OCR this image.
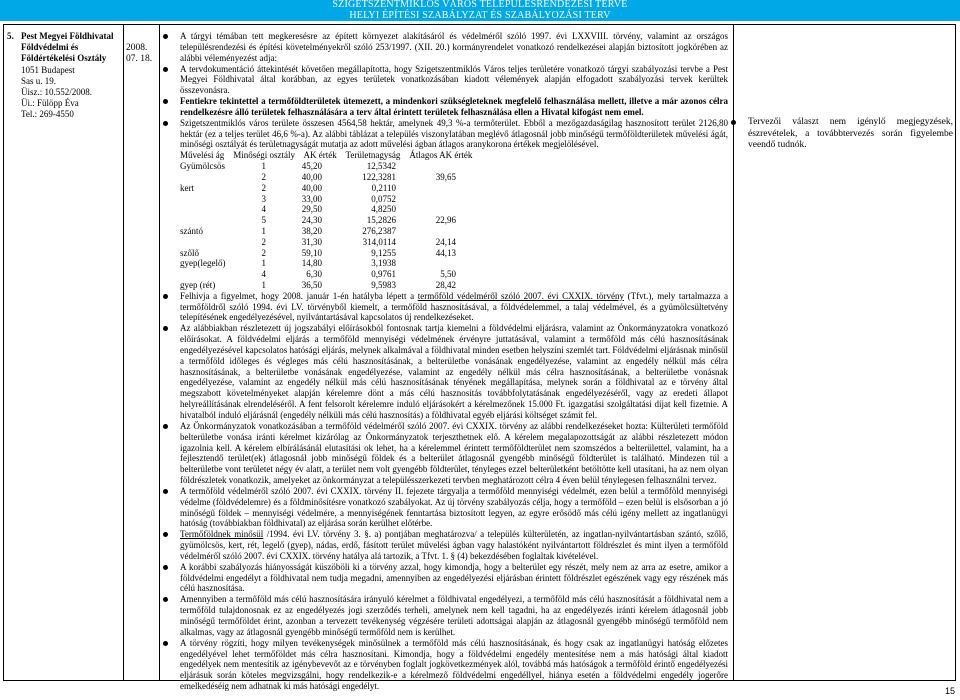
SZIGETSZENTMIKLÓS VÁROS TELEPÜLÉSRENDEZÉSI TERVE
HELYI ÉPÍTÉSI SZABÁLYZAT ÉS SZABÁLYOZÁSI TERV
5. Pest Megyei Földhivatal
Földvédelmi és
Földértékelési Osztály
1051 Budapest
Sas u. 19.
Üisz.: 10.552/2008.
Üi.: Fülöpp Éva
Tel.: 269-4550
2008.
07. 18.
A tárgyi témában tett megkeresésre az épített környezet alakításáról és védelméről szóló 1997. évi LXXVIII. törvény, valamint az országos településrendezési és építési követelményekről szóló 253/1997. (XII. 20.) kormányrendelet vonatkozó rendelkezései alapján biztosított jogkörében az alábbi véleményezést adja:
A tervdokumentáció áttekintését követően megállapította, hogy Szigetszentmiklós Város teljes területére vonatkozó tárgyi szabályozási tervbe a Pest Megyei Földhivatal által korábban, az egyes területek vonatkozásában kiadott vélemények alapján elfogadott szabályozási tervek kerültek összevonásra.
Fentiekre tekintettel a termőföldterületek ütemezett, a mindenkori szükségleteknek megfelelő felhasználása mellett, illetve a már azonos célra rendelkezésre álló területek felhasználására a terv által érintett területek felhasználása ellen a Hivatal kifogást nem emel.
Szigetszentmiklós város területe összesen 4564,58 hektár, amelynek 49,3 %-a termőterület. Ebből a mezőgazdaságilag hasznosított terület 2126,80 hektár (ez a teljes terület 46,6 %-a). Az alábbi táblázat a település viszonylatában meglévő átlagosnál jobb minőségű termőföldterületek művelési ágát, minőségi osztályát és területnagyságát mutatja az adott művelési ágban átlagos aranykorona értékek megjelölésével.
Művelési ág    Minőségi osztály    AK érték    Területnagyság    Átlagos AK érték
Gyümölcsös	1	45,20	12,5342	
	2	40,00	122,3281	39,65
kert	2	40,00	0,2110	
	3	33,00	0,0752	
	4	29,50	4,8250	
	5	24,30	15,2826	22,96
szántó	1	38,20	276,2387	
	2	31,30	314,0114	24,14
szőlő	2	59,10	9,1255	44,13
gyep(legelő)	1	14,80	3,1938	
	4	6,30	0,9761	5,50
gyep (rét)	1	36,50	9,5983	28,42
Felhívja a figyelmet, hogy 2008. január 1-én hatályba lépett a termőföld védelméről szóló 2007. évi CXXIX. törvény (Tfvt.), mely tartalmazza a termőföldről szóló 1994. évi LV. törvényből kiemelt, a termőföld hasznosításával, a földvédelemmel, a talaj védelmével, és a gyümölcsültetvény telepítésének engedélyezésével, nyilvántartásával kapcsolatos új rendelkezéseket.
Az alábbiakban részletezett új jogszabályi előírásokból fontosnak tartja kiemelni a földvédelmi eljárásra, valamint az Önkormányzatokra vonatkozó előírásokat. A földvédelmi eljárás a termőföld mennyiségi védelmének érvényre juttatásával, valamint a termőföld más célú hasznosításának engedélyezésével kapcsolatos hatósági eljárás, melynek alkalmával a földhivatal minden esetben helyszíni szemlét tart. Földvédelmi eljárásnak minősül a termőföld időleges és végleges más célú hasznosításának, a belterületbe vonásának engedélyezése, valamint az engedély nélkül más célra hasznosításának, a belterületbe vonásának engedélyezése, valamint az engedély nélkül más célra hasznosításának, a belterületbe vonásnak engedélyezése, valamint az engedély nélkül más célú hasznosításának tényének megállapítása, melynek során a földhivatal az e törvény által megszabott követelményeket alapján kérelemre dönt a más célú hasznosítás továbbfolytatásának engedélyezéséről, vagy az eredeti állapot helyreállításának elrendeléséről. A fent felsorolt kérelemre induló eljárásokért a kérelmezőnek 15.000 Ft. igazgatási szolgáltatási díjat kell fizetnie. A hivatalból induló eljárásnál (engedély nélküli más célú hasznosítás) a földhivatal egyéb eljárási költséget számít fel.
Az Önkormányzatok vonatkozásában a termőföld védelméről szóló 2007. évi CXXIX. törvény az alábbi rendelkezéseket hozta: Külterületi termőföld belterületbe vonása iránti kérelmet kizárólag az Önkormányzatok terjeszthetnek elő. A kérelem megalapozottságát az alábbi részletezett módon igazolnia kell. A kérelem elbírálásánál elutasítási ok lehet, ha a kérelemmel érintett termőföldterület nem szomszédos a belterülettel, valamint, ha a fejlesztendő terület(ek) átlagosnál jobb minőségű földek és a belterület átlagosnál gyengébb minőségű földterület is található. Mindezen túl a belterületbe vont területet négy év alatt, a terület nem volt gyengébb földterület, tényleges ezzel belterületként betöltötte kell utasítani, ha az nem olyan földrészletek vonatkozik, amelyeket az önkormányzat a településszerkezeti tervben meghatározott célra 4 éven belül ténylegesen felhasználni tervez.
A termőföld védelméről szóló 2007. évi CXXIX. törvény II. fejezete tárgyalja a termőföld mennyiségi védelmét, ezen belül a termőföld mennyiségi védelme (földvédelemre) és a földminősítésre vonatkozó szabályokat. Az új törvény szabályozás célja, hogy a termőföld – ezen belül is elsősorban a jó minőségű földek – mennyiségi védelmére, a mennyiségének fenntartása biztosított legyen, az egyre erősödő más célú igény mellett az ingatlanügyi hatóság (továbbiakban földhivatal) az eljárása során kerülhet előtérbe.
Termőföldnek minősül /1994. évi LV. törvény 3. §. a) pontjában meghatározva/ a település külterületén, az ingatlan-nyilvántartásban szántó, szőlő, gyümölcsös, kert, rét, legelő (gyep), nádas, erdő, fásított terület művelési ágban vagy halastóként nyilvántartott földrészlet és mint ilyen a termőföld védelméről szóló 2007. évi CXXIX. törvény hatálya alá tartozik, a Tfvt. 1. § (4) bekezdésében foglaltak kivételével.
A korábbi szabályozás hiányosságát küszöböli ki a törvény azzal, hogy kimondja, hogy a belterület egy részét, mely nem az arra az esetre, amikor a földvédelmi engedélyt a földhivatal nem tudja megadni, amennyiben az engedélyezési eljárásban érintett földrészlet egészének vagy egy részének más célú hasznosítása.
Amennyiben a termőföld más célú hasznosítására irányuló kérelmet a földhivatal engedélyezi, a termőföld más célú hasznosítását a földhivatal nem a termőföld tulajdonosnak ez az engedélyezés jogi szerződés terheli, amelynek nem kell tagadni, ha az engedélyezés iránti kérelem átlagosnál jobb minőségű termőföldet érint, azonban a tervezett tevékenység végzésére területi adottságai alapján az átlagosnál gyengébb minőségű termőföld nem alkalmas, vagy az átlagosnál gyengébb minőségű termőföld nem is kerülhet.
A törvény rögzíti, hogy milyen tevékenységek minősülnek a termőföld más célú hasznosításának, és hogy csak az ingatlanügyi hatóság előzetes engedélyével lehet termőföldet más célra hasznosítani. Kimondja, hogy a földvédelmi engedély mentesítése nem a más hatósági által kiadott engedélyek nem mentesítik az igénybevevőt az e törvényben foglalt jogkövetkezmények alól, továbbá más hatóságok a termőföld érintő engedélyezési eljárásuk során köteles megvizsgálni, hogy rendelkezik-e a kérelmező földvédelmi engedéllyel, hiánya esetén a földvédelmi engedély jogerőre emelkedéséig nem adhatnak ki más hatósági engedélyt.
Tervezői választ nem igénylő megjegyzések, észrevételek, a továbbtervezés során figyelembe veendő tudnók.
15
